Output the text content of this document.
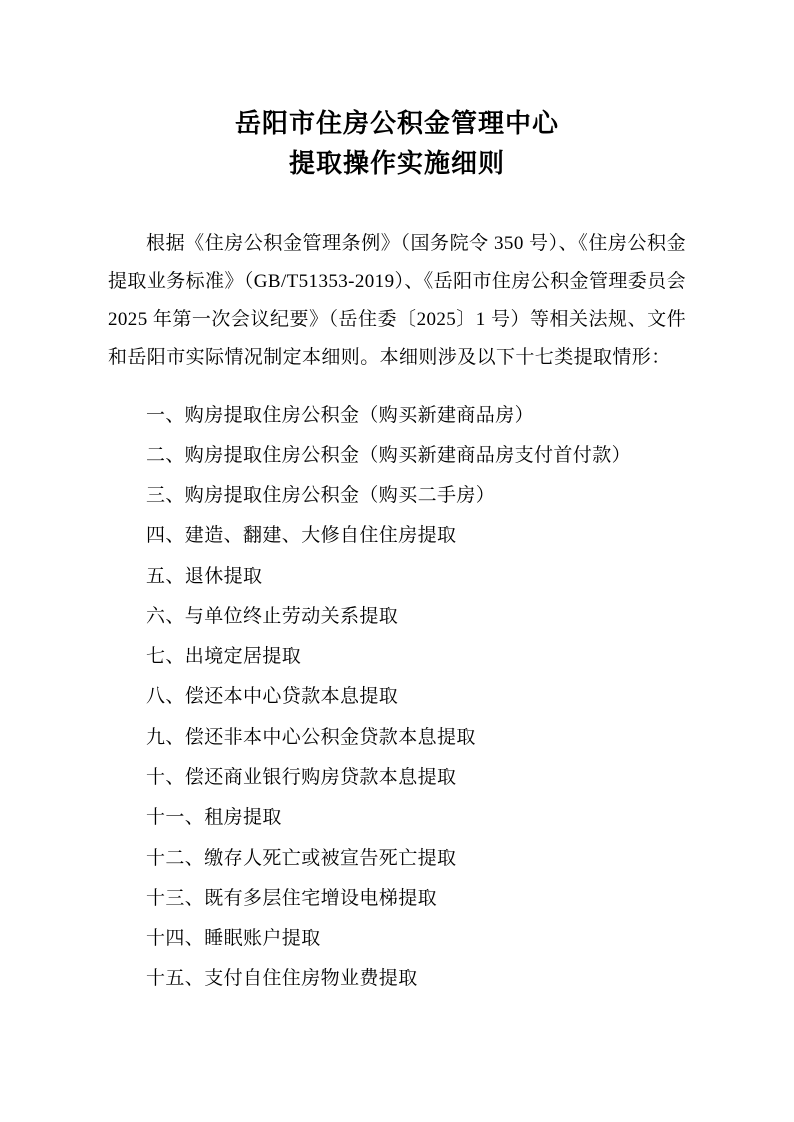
岳阳市住房公积金管理中心
提取操作实施细则

根据《住房公积金管理条例》（国务院令 350 号）、《住房公积金提取业务标准》（GB/T51353-2019）、《岳阳市住房公积金管理委员会 2025 年第一次会议纪要》（岳住委〔2025〕1 号）等相关法规、文件和岳阳市实际情况制定本细则。本细则涉及以下十七类提取情形：

一、购房提取住房公积金（购买新建商品房）
二、购房提取住房公积金（购买新建商品房支付首付款）
三、购房提取住房公积金（购买二手房）
四、建造、翻建、大修自住住房提取
五、退休提取
六、与单位终止劳动关系提取
七、出境定居提取
八、偿还本中心贷款本息提取
九、偿还非本中心公积金贷款本息提取
十、偿还商业银行购房贷款本息提取
十一、租房提取
十二、缴存人死亡或被宣告死亡提取
十三、既有多层住宅增设电梯提取
十四、睡眠账户提取
十五、支付自住住房物业费提取
